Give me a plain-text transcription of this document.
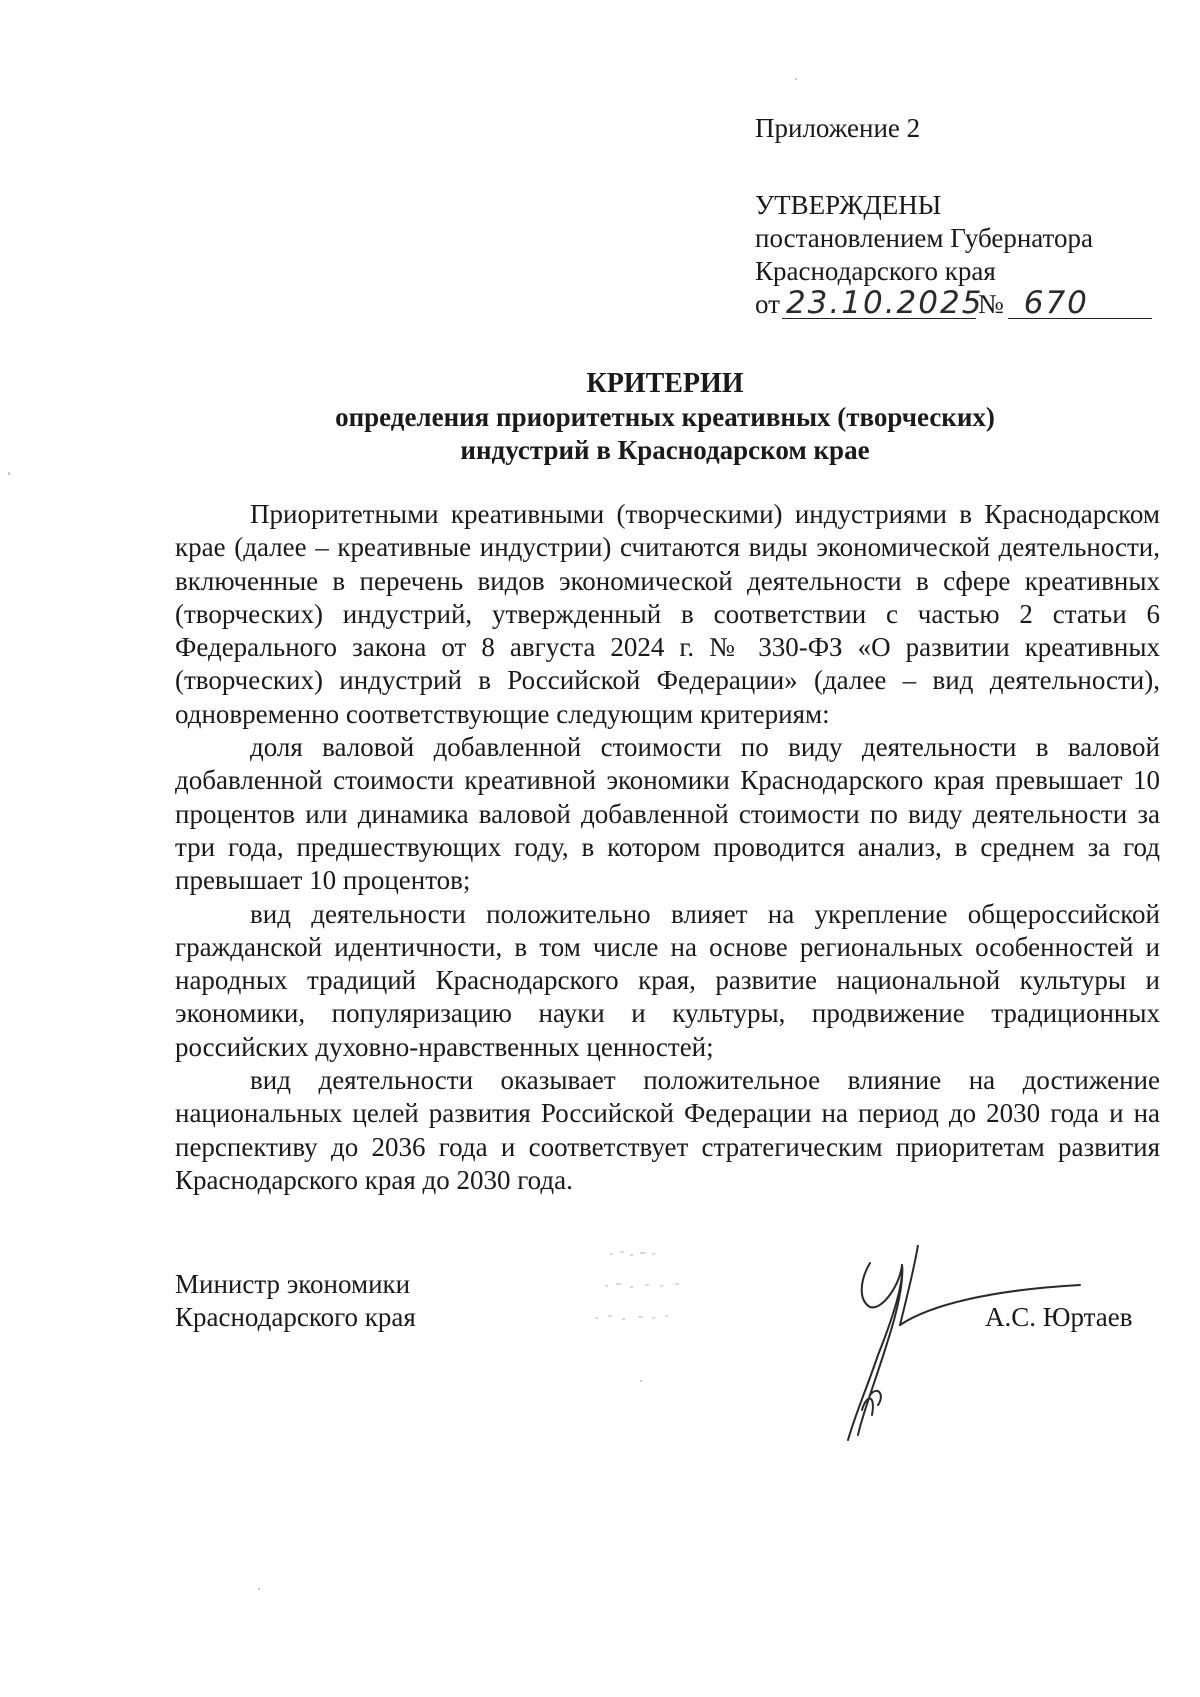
Приложение 2
УТВЕРЖДЕНЫ
постановлением Губернатора
Краснодарского края
от 23.10.2025№ 670
КРИТЕРИИ
определения приоритетных креативных (творческих)
индустрий в Краснодарском крае

Приоритетными креативными (творческими) индустриями в Краснодарском крае (далее – креативные индустрии) считаются виды экономической деятельности, включенные в перечень видов экономической деятельности в сфере креативных (творческих) индустрий, утвержденный в соответствии с частью 2 статьи 6 Федерального закона от 8 августа 2024 г. № 330-ФЗ «О развитии креативных (творческих) индустрий в Российской Федерации» (далее – вид деятельности), одновременно соответствующие следующим критериям:

доля валовой добавленной стоимости по виду деятельности в валовой добавленной стоимости креативной экономики Краснодарского края превышает 10 процентов или динамика валовой добавленной стоимости по виду деятельности за три года, предшествующих году, в котором проводится анализ, в среднем за год превышает 10 процентов;

вид деятельности положительно влияет на укрепление общероссийской гражданской идентичности, в том числе на основе региональных особенностей и народных традиций Краснодарского края, развитие национальной культуры и экономики, популяризацию науки и культуры, продвижение традиционных российских духовно-нравственных ценностей;

вид деятельности оказывает положительное влияние на достижение национальных целей развития Российской Федерации на период до 2030 года и на перспективу до 2036 года и соответствует стратегическим приоритетам развития Краснодарского края до 2030 года.

Министр экономики
Краснодарского края	А.С. Юртаев
